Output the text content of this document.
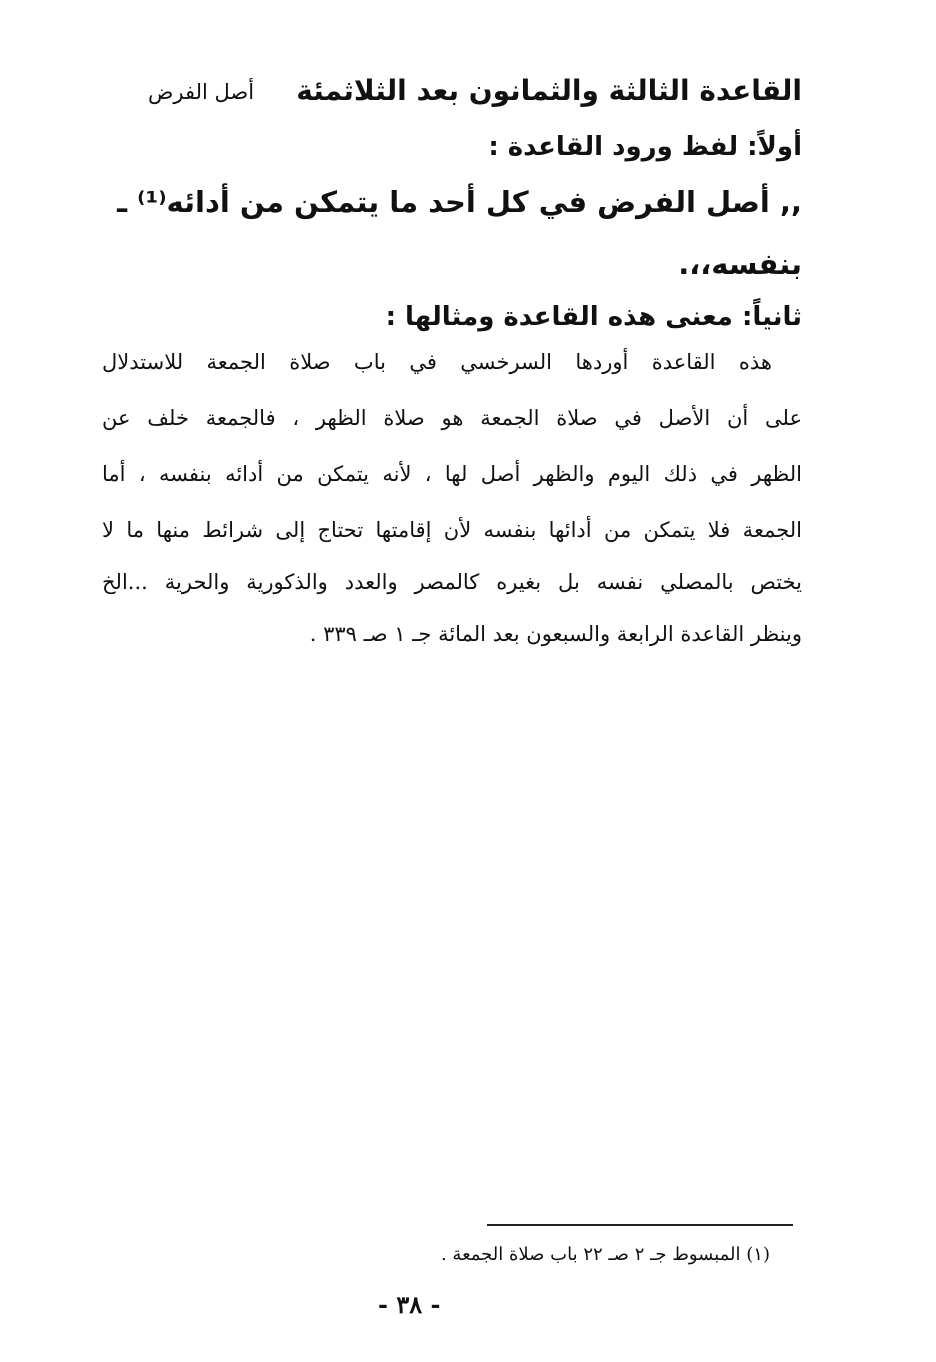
القاعدة الثالثة والثمانون بعد الثلاثمئة
أصل الفرض
أولاً: لفظ ورود القاعدة :
,, أصل الفرض في كل أحد ما يتمكن من أدائه⁽¹⁾ ـ
بنفسه،،.
ثانياً: معنى هذه القاعدة ومثالها :
هذه القاعدة أوردها السرخسي في باب صلاة الجمعة للاستدلال
على أن الأصل في صلاة الجمعة هو صلاة الظهر ، فالجمعة خلف عن
الظهر في ذلك اليوم والظهر أصل لها ، لأنه يتمكن من أدائه بنفسه ، أما
الجمعة فلا يتمكن من أدائها بنفسه لأن إقامتها تحتاج إلى شرائط منها ما لا
يختص بالمصلي نفسه بل بغيره كالمصر والعدد والذكورية والحرية ...الخ
وينظر القاعدة الرابعة والسبعون بعد المائة جـ ١ صـ ٣٣٩ .
(١) المبسوط جـ ٢ صـ ٢٢ باب صلاة الجمعة .
- ٣٨ -
